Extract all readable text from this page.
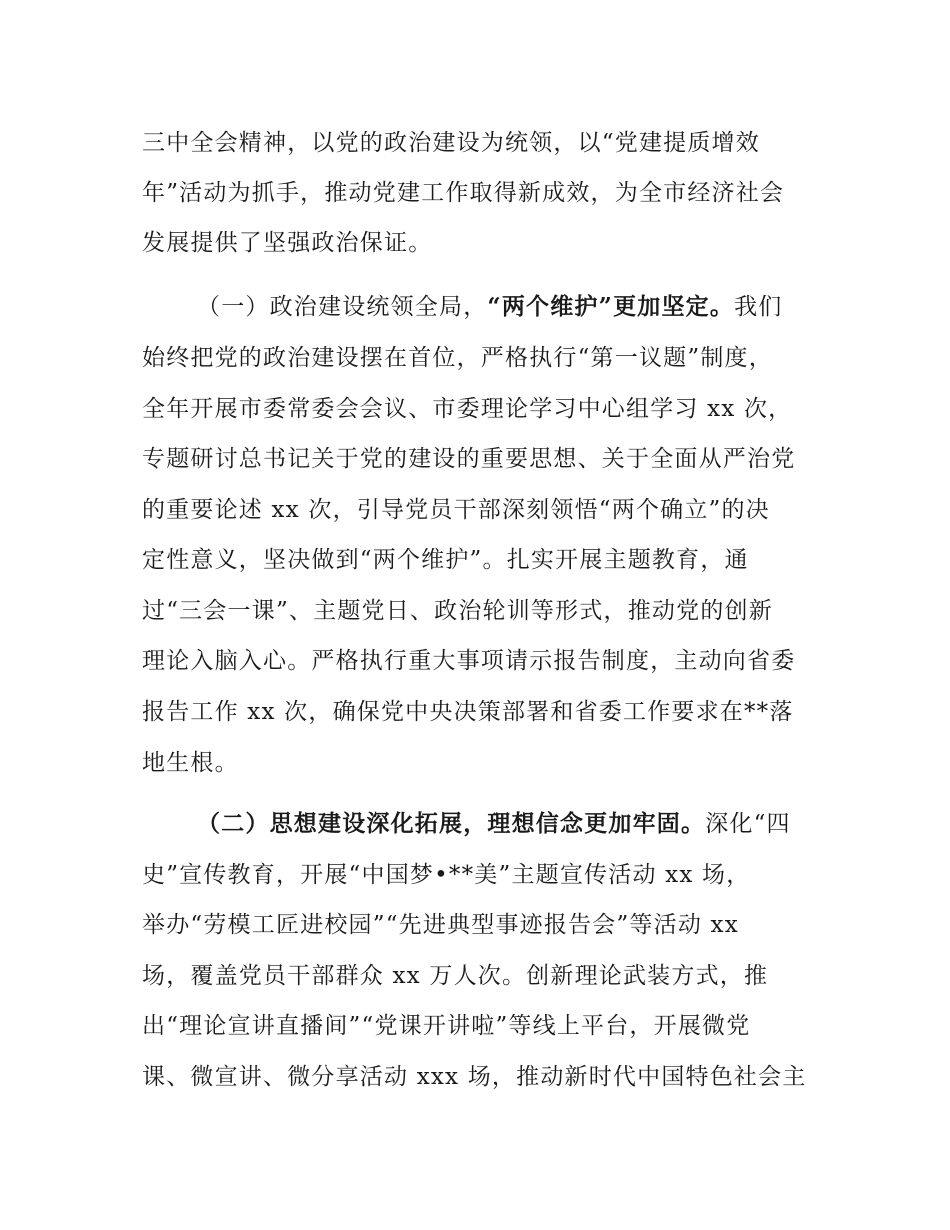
三中全会精神，以党的政治建设为统领，以“党建提质增效
年”活动为抓手，推动党建工作取得新成效，为全市经济社会
发展提供了坚强政治保证。
（一）政治建设统领全局，“两个维护”更加坚定。我们
始终把党的政治建设摆在首位，严格执行“第一议题”制度，
全年开展市委常委会会议、市委理论学习中心组学习 xx 次，
专题研讨总书记关于党的建设的重要思想、关于全面从严治党
的重要论述 xx 次，引导党员干部深刻领悟“两个确立”的决
定性意义，坚决做到“两个维护”。扎实开展主题教育，通
过“三会一课”、主题党日、政治轮训等形式，推动党的创新
理论入脑入心。严格执行重大事项请示报告制度，主动向省委
报告工作 xx 次，确保党中央决策部署和省委工作要求在**落
地生根。
（二）思想建设深化拓展，理想信念更加牢固。深化“四
史”宣传教育，开展“中国梦•**美”主题宣传活动 xx 场，
举办“劳模工匠进校园”“先进典型事迹报告会”等活动 xx
场，覆盖党员干部群众 xx 万人次。创新理论武装方式，推
出“理论宣讲直播间”“党课开讲啦”等线上平台，开展微党
课、微宣讲、微分享活动 xxx 场，推动新时代中国特色社会主
